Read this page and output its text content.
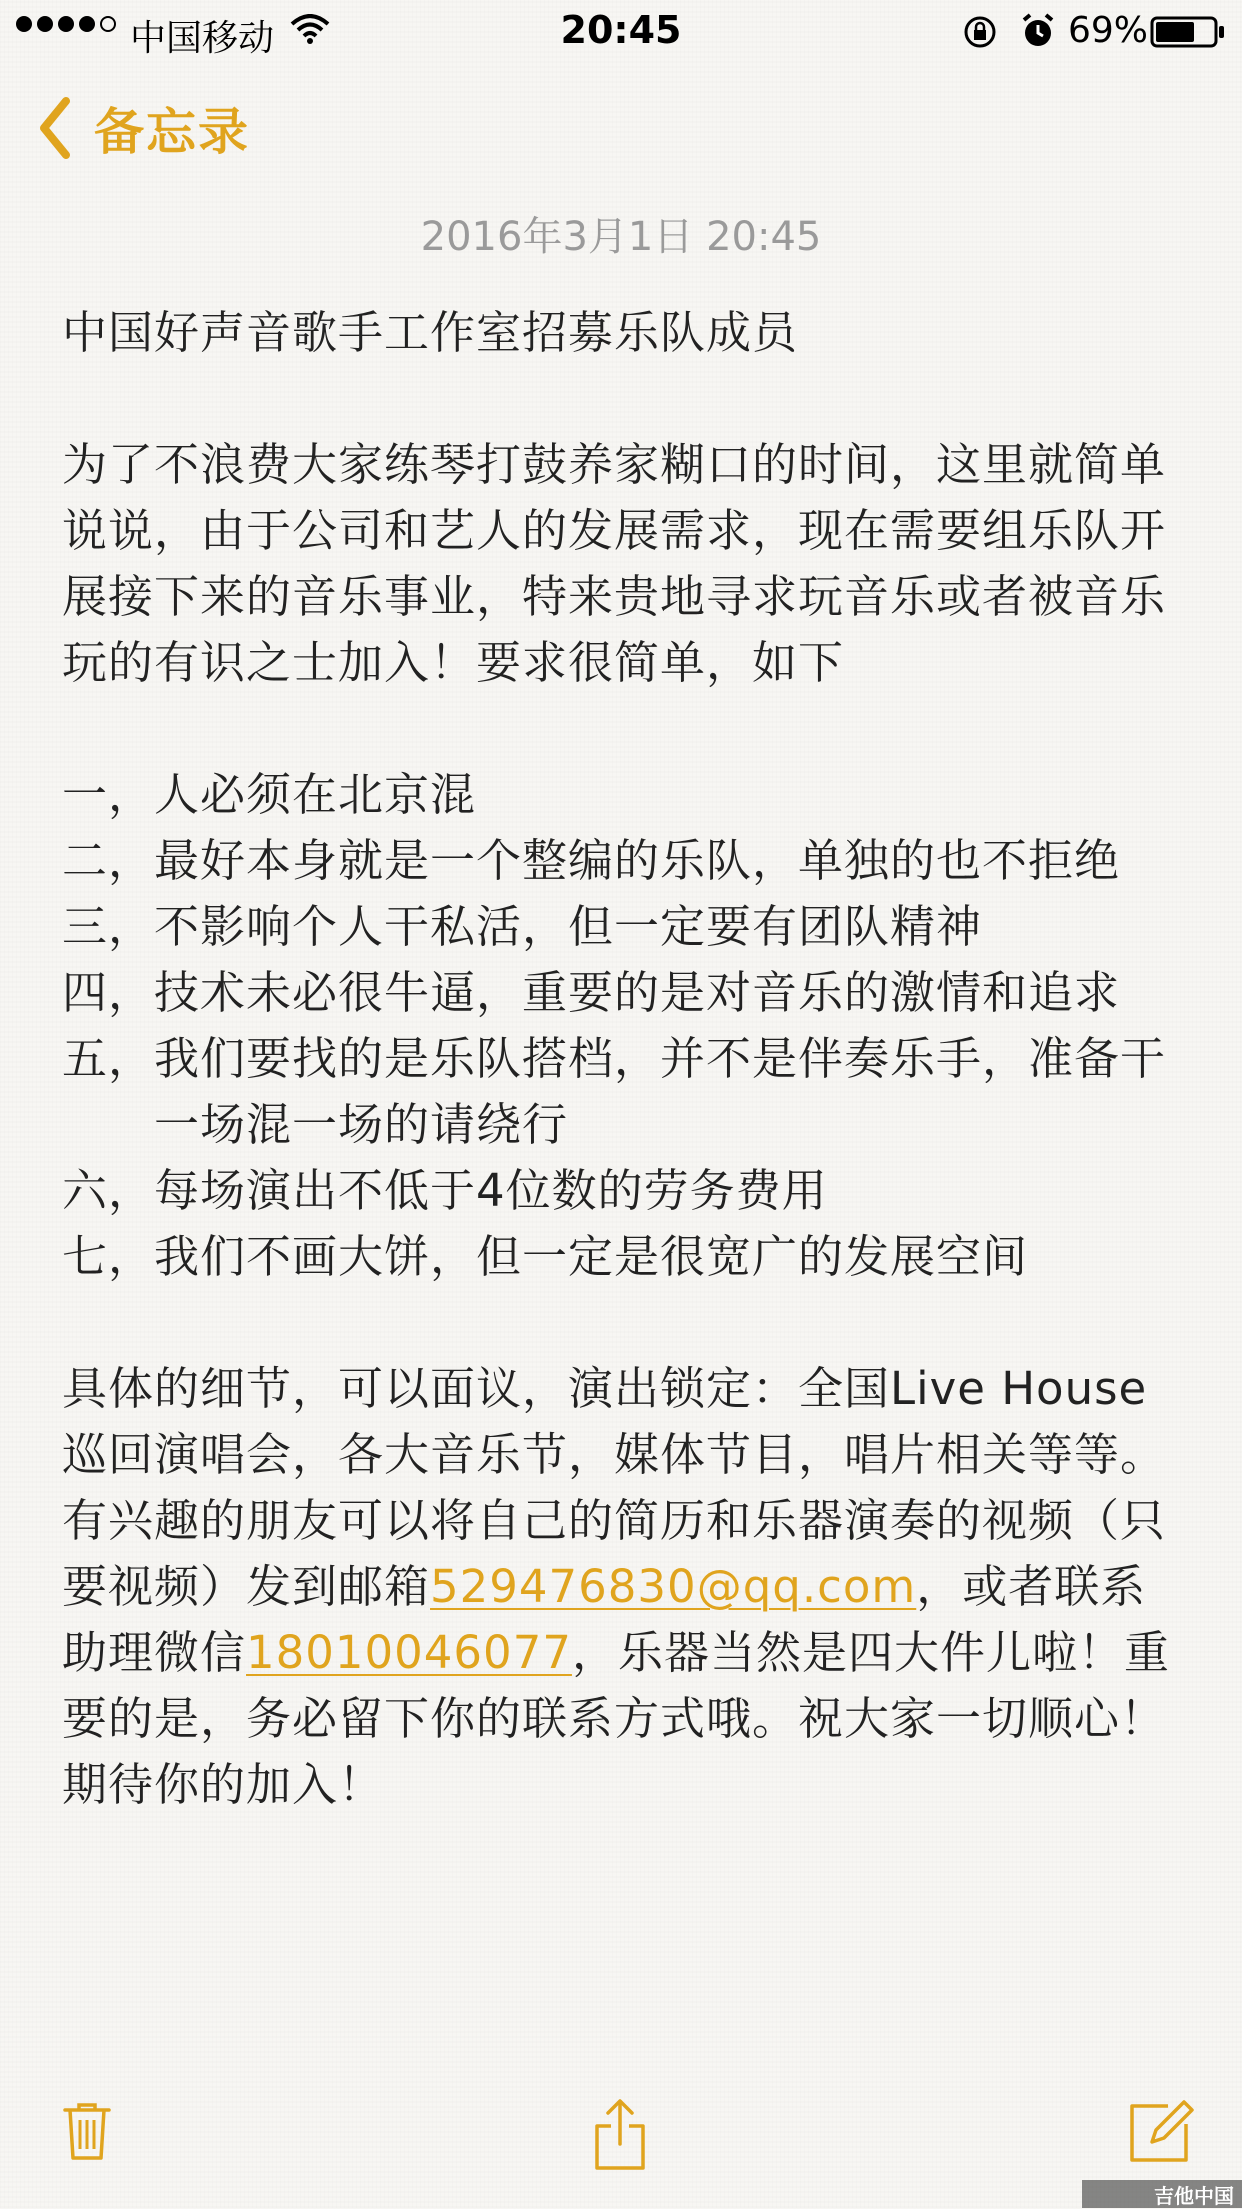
中国移动	20:45	69%
备忘录
2016年3月1日 20:45

中国好声音歌手工作室招募乐队成员

为了不浪费大家练琴打鼓养家糊口的时间，这里就简单说说，由于公司和艺人的发展需求，现在需要组乐队开展接下来的音乐事业，特来贵地寻求玩音乐或者被音乐玩的有识之士加入！要求很简单，如下

一， 人必须在北京混
二， 最好本身就是一个整编的乐队，单独的也不拒绝
三， 不影响个人干私活，但一定要有团队精神
四， 技术未必很牛逼，重要的是对音乐的激情和追求
五， 我们要找的是乐队搭档，并不是伴奏乐手，准备干一场混一场的请绕行
六， 每场演出不低于4位数的劳务费用
七， 我们不画大饼，但一定是很宽广的发展空间

具体的细节，可以面议，演出锁定：全国Live House巡回演唱会，各大音乐节，媒体节目，唱片相关等等。有兴趣的朋友可以将自己的简历和乐器演奏的视频（只要视频）发到邮箱529476830@qq.com，或者联系助理微信18010046077，乐器当然是四大件儿啦！重要的是，务必留下你的联系方式哦。祝大家一切顺心！期待你的加入！

吉他中国
